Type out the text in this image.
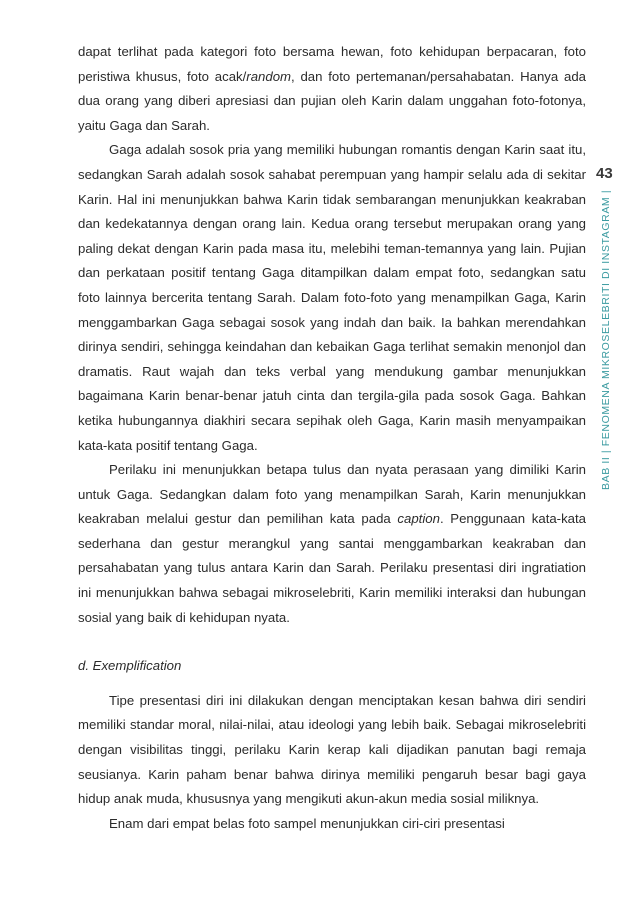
dapat terlihat pada kategori foto bersama hewan, foto kehidupan berpacaran, foto peristiwa khusus, foto acak/random, dan foto pertemanan/persahabatan. Hanya ada dua orang yang diberi apresiasi dan pujian oleh Karin dalam unggahan foto-fotonya, yaitu Gaga dan Sarah.

Gaga adalah sosok pria yang memiliki hubungan romantis dengan Karin saat itu, sedangkan Sarah adalah sosok sahabat perempuan yang hampir selalu ada di sekitar Karin. Hal ini menunjukkan bahwa Karin tidak sembarangan menunjukkan keakraban dan kedekatannya dengan orang lain. Kedua orang tersebut merupakan orang yang paling dekat dengan Karin pada masa itu, melebihi teman-temannya yang lain. Pujian dan perkataan positif tentang Gaga ditampilkan dalam empat foto, sedangkan satu foto lainnya bercerita tentang Sarah. Dalam foto-foto yang menampilkan Gaga, Karin menggambarkan Gaga sebagai sosok yang indah dan baik. Ia bahkan merendahkan dirinya sendiri, sehingga keindahan dan kebaikan Gaga terlihat semakin menonjol dan dramatis. Raut wajah dan teks verbal yang mendukung gambar menunjukkan bagaimana Karin benar-benar jatuh cinta dan tergila-gila pada sosok Gaga. Bahkan ketika hubungannya diakhiri secara sepihak oleh Gaga, Karin masih menyampaikan kata-kata positif tentang Gaga.

Perilaku ini menunjukkan betapa tulus dan nyata perasaan yang dimiliki Karin untuk Gaga. Sedangkan dalam foto yang menampilkan Sarah, Karin menunjukkan keakraban melalui gestur dan pemilihan kata pada caption. Penggunaan kata-kata sederhana dan gestur merangkul yang santai menggambarkan keakraban dan persahabatan yang tulus antara Karin dan Sarah. Perilaku presentasi diri ingratiation ini menunjukkan bahwa sebagai mikroselebriti, Karin memiliki interaksi dan hubungan sosial yang baik di kehidupan nyata.

d. Exemplification

Tipe presentasi diri ini dilakukan dengan menciptakan kesan bahwa diri sendiri memiliki standar moral, nilai-nilai, atau ideologi yang lebih baik. Sebagai mikroselebriti dengan visibilitas tinggi, perilaku Karin kerap kali dijadikan panutan bagi remaja seusianya. Karin paham benar bahwa dirinya memiliki pengaruh besar bagi gaya hidup anak muda, khususnya yang mengikuti akun-akun media sosial miliknya.

Enam dari empat belas foto sampel menunjukkan ciri-ciri presentasi

43
BAB II | FENOMENA MIKROSELEBRITI DI INSTAGRAM |
